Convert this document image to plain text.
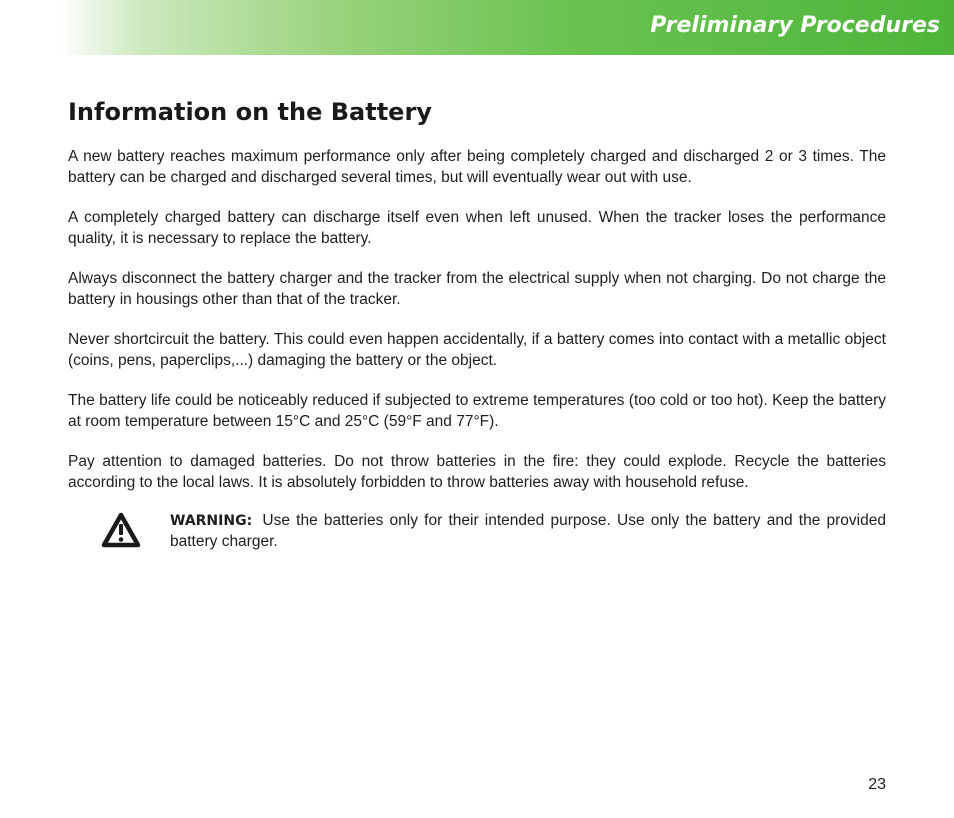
Preliminary Procedures
Information on the Battery

A new battery reaches maximum performance only after being completely charged and discharged 2 or 3 times. The battery can be charged and discharged several times, but will eventually wear out with use.

A completely charged battery can discharge itself even when left unused. When the tracker loses the performance quality, it is necessary to replace the battery.

Always disconnect the battery charger and the tracker from the electrical supply when not charging. Do not charge the battery in housings other than that of the tracker.

Never shortcircuit the battery. This could even happen accidentally, if a battery comes into contact with a metallic object (coins, pens, paperclips,...) damaging the battery or the object.

The battery life could be noticeably reduced if subjected to extreme temperatures (too cold or too hot). Keep the battery at room temperature between 15°C and 25°C (59°F and 77°F).

Pay attention to damaged batteries. Do not throw batteries in the fire: they could explode. Recycle the batteries according to the local laws. It is absolutely forbidden to throw batteries away with household refuse.

WARNING: Use the batteries only for their intended purpose. Use only the battery and the provided battery charger.

23
